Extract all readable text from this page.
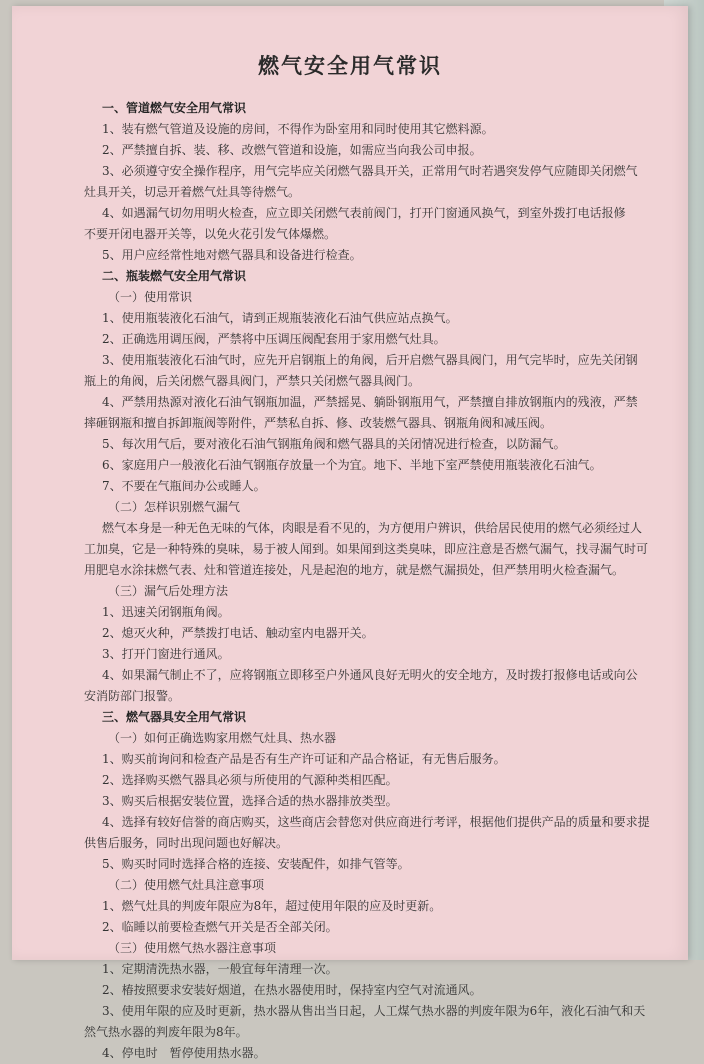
燃气安全用气常识
一、管道燃气安全用气常识
1、装有燃气管道及设施的房间，不得作为卧室用和同时使用其它燃料源。
2、严禁擅自拆、装、移、改燃气管道和设施，如需应当向我公司申报。
3、必须遵守安全操作程序，用气完毕应关闭燃气器具开关，正常用气时若遇突发停气应随即关闭燃气
灶具开关，切忌开着燃气灶具等待燃气。
4、如遇漏气切勿用明火检查，应立即关闭燃气表前阀门，打开门窗通风换气，到室外拨打电话报修
不要开闭电器开关等，以免火花引发气体爆燃。
5、用户应经常性地对燃气器具和设备进行检查。
二、瓶装燃气安全用气常识
（一）使用常识
1、使用瓶装液化石油气，请到正规瓶装液化石油气供应站点换气。
2、正确选用调压阀，严禁将中压调压阀配套用于家用燃气灶具。
3、使用瓶装液化石油气时，应先开启钢瓶上的角阀，后开启燃气器具阀门，用气完毕时，应先关闭钢
瓶上的角阀，后关闭燃气器具阀门，严禁只关闭燃气器具阀门。
4、严禁用热源对液化石油气钢瓶加温，严禁摇晃、躺卧钢瓶用气，严禁擅自排放钢瓶内的残液，严禁
摔砸钢瓶和擅自拆卸瓶阀等附件，严禁私自拆、修、改装燃气器具、钢瓶角阀和减压阀。
5、每次用气后，要对液化石油气钢瓶角阀和燃气器具的关闭情况进行检查，以防漏气。
6、家庭用户一般液化石油气钢瓶存放量一个为宜。地下、半地下室严禁使用瓶装液化石油气。
7、不要在气瓶间办公或睡人。
（二）怎样识别燃气漏气
燃气本身是一种无色无味的气体，肉眼是看不见的，为方便用户辨识，供给居民使用的燃气必须经过人
工加臭，它是一种特殊的臭味，易于被人闻到。如果闻到这类臭味，即应注意是否燃气漏气，找寻漏气时可
用肥皂水涂抹燃气表、灶和管道连接处，凡是起泡的地方，就是燃气漏损处，但严禁用明火检查漏气。
（三）漏气后处理方法
1、迅速关闭钢瓶角阀。
2、熄灭火种，严禁拨打电话、触动室内电器开关。
3、打开门窗进行通风。
4、如果漏气制止不了，应将钢瓶立即移至户外通风良好无明火的安全地方，及时拨打报修电话或向公
安消防部门报警。
三、燃气器具安全用气常识
（一）如何正确选购家用燃气灶具、热水器
1、购买前询问和检查产品是否有生产许可证和产品合格证，有无售后服务。
2、选择购买燃气器具必须与所使用的气源种类相匹配。
3、购买后根据安装位置，选择合适的热水器排放类型。
4、选择有较好信誉的商店购买，这些商店会替您对供应商进行考评，根据他们提供产品的质量和要求提
供售后服务，同时出现问题也好解决。
5、购买时同时选择合格的连接、安装配件，如排气管等。
（二）使用燃气灶具注意事项
1、燃气灶具的判废年限应为8年，超过使用年限的应及时更新。
2、临睡以前要检查燃气开关是否全部关闭。
（三）使用燃气热水器注意事项
1、定期清洗热水器，一般宜每年清理一次。
2、椿按照要求安装好烟道，在热水器使用时，保持室内空气对流通风。
3、使用年限的应及时更新，热水器从售出当日起，人工煤气热水器的判废年限为6年，液化石油气和天
然气热水器的判废年限为8年。
4、停电时　暂停使用热水器。
